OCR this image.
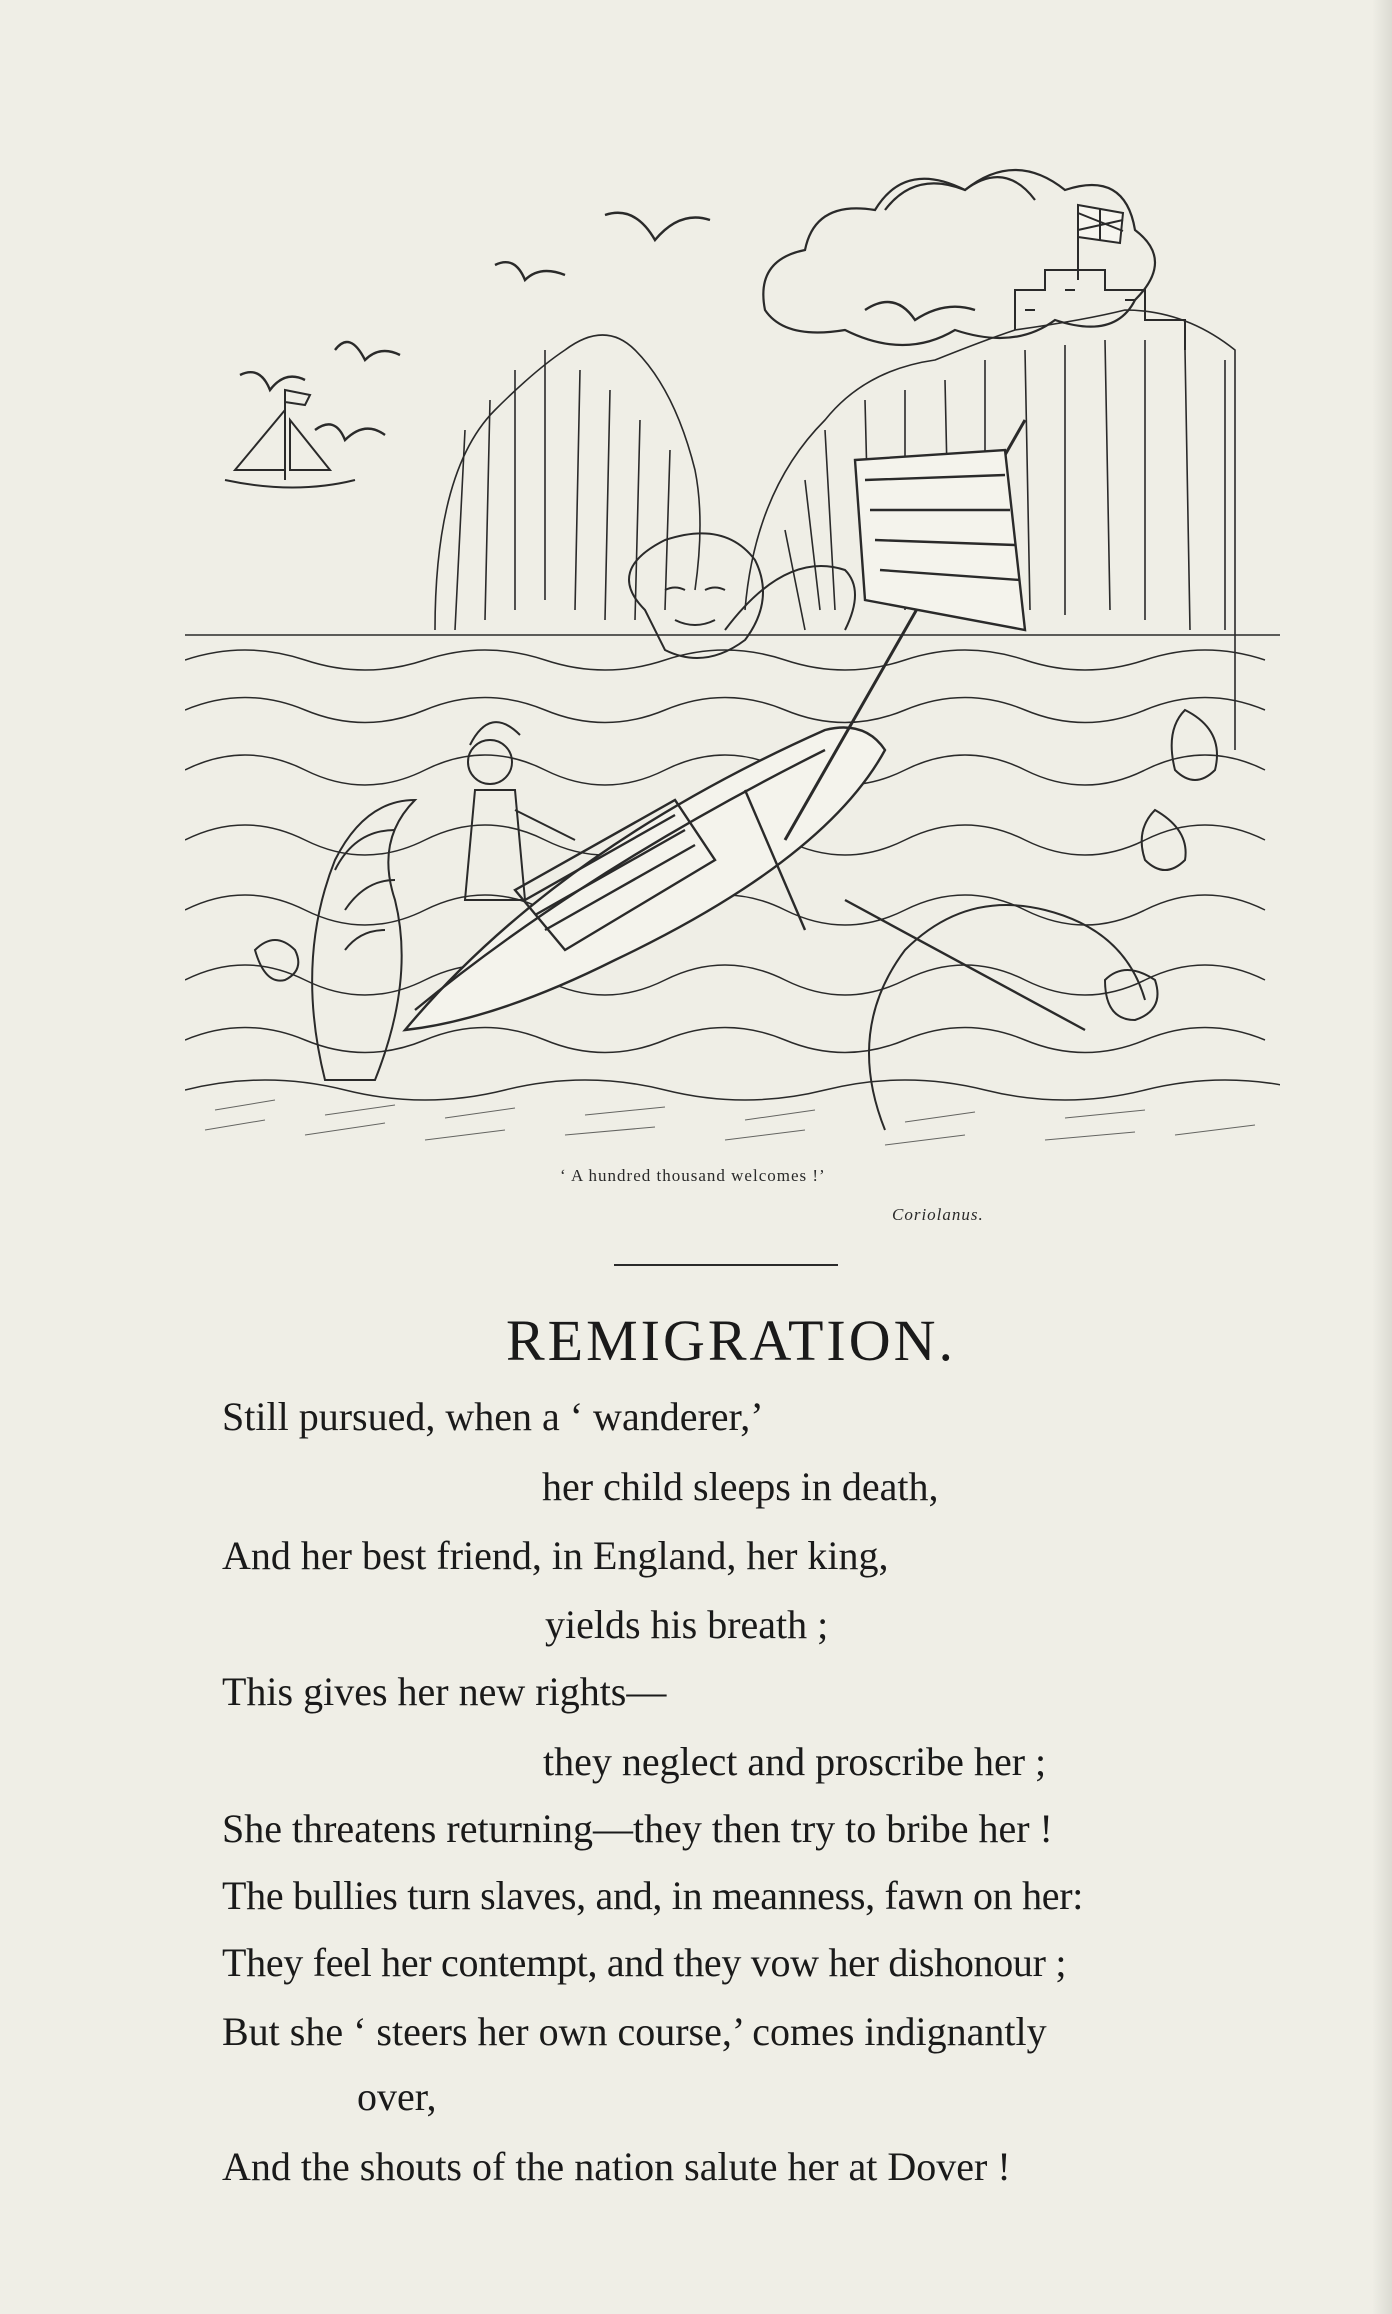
‘ A hundred thousand welcomes !’
Coriolanus.
REMIGRATION.
Still pursued, when a ‘ wanderer,’
her child sleeps in death,
And her best friend, in England, her king,
yields his breath ;
This gives her new rights—
they neglect and proscribe her ;
She threatens returning—they then try to bribe her !
The bullies turn slaves, and, in meanness, fawn on her:
They feel her contempt, and they vow her dishonour ;
But she ‘ steers her own course,’ comes indignantly
over,
And the shouts of the nation salute her at Dover !
